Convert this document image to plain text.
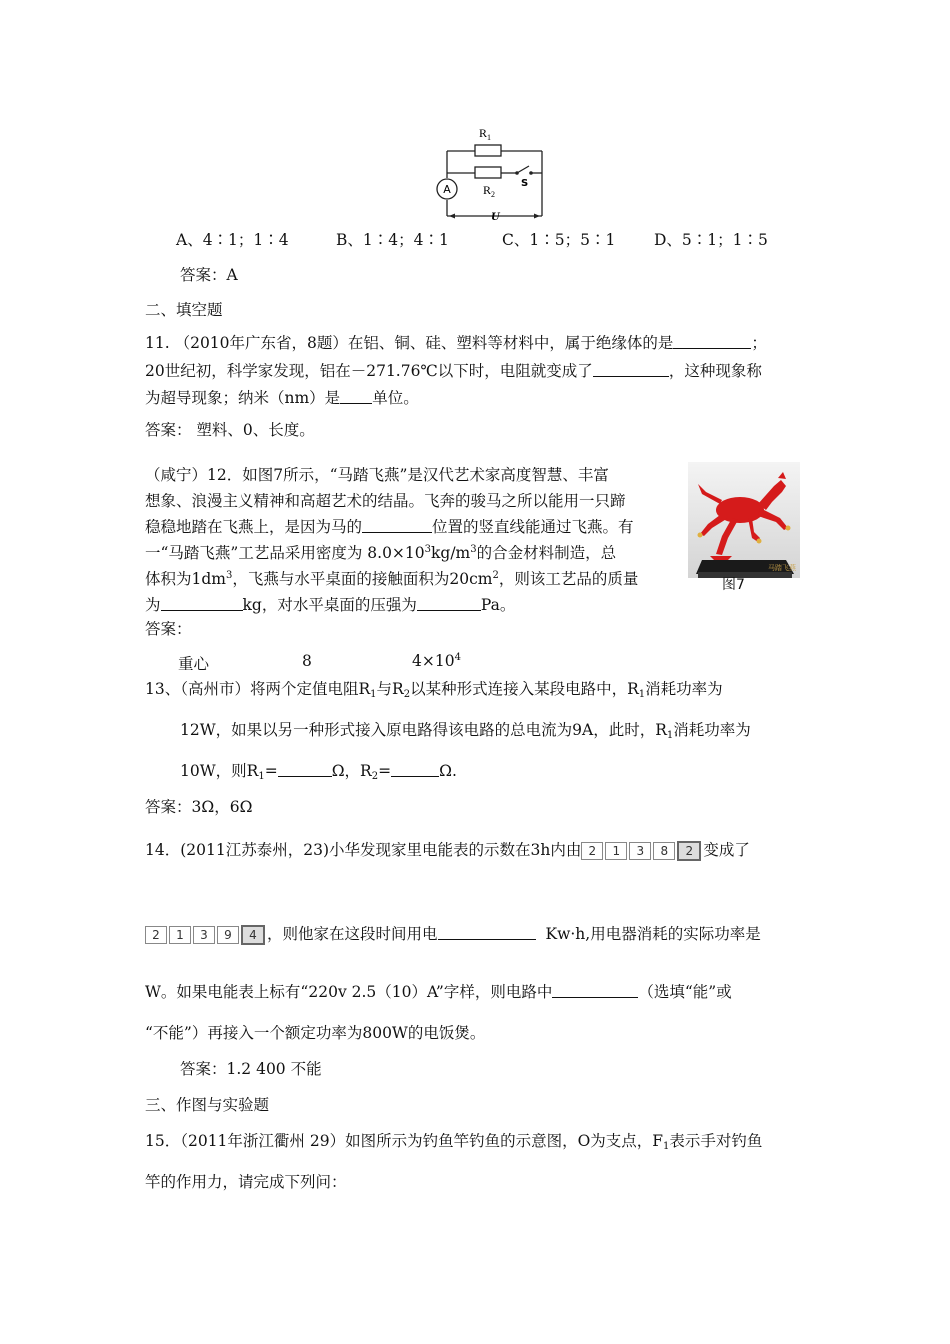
A
$R_1$
$R_2$
S
U
A、4∶1；1∶4	B、1∶4；4∶1	C、1∶5；5∶1 D、5∶1；1∶5
答案：A
二、填空题
11. （2010年广东省，8题）在铝、铜、硅、塑料等材料中，属于绝缘体的是	；
20世纪初，科学家发现，铝在－271.76℃以下时，电阻就变成了	，这种现象称
为超导现象；纳米（nm）是 单位。
答案： 塑料、0、长度。
（咸宁）12．如图7所示，“马踏飞燕”是汉代艺术家高度智慧、丰富
想象、浪漫主义精神和高超艺术的结晶。飞奔的骏马之所以能用一只蹄
稳稳地踏在飞燕上，是因为马的	位置的竖直线能通过飞燕。有
一“马踏飞燕”工艺品采用密度为 $8.0\times 10^3kg/m^3$的合金材料制造，总
体积为$1dm^3$，飞燕与水平桌面的接触面积为$20cm^2$，则该工艺品的质量
为	kg，对水平桌面的压强为	Pa。
答案：
重心	8	$4\times 10^4$
马踏飞燕
图7
13、（高州市）将两个定值电阻$R_1$与$R_2$以某种形式连接入某段电路中，$R_1$消耗功率为
12W，如果以另一种形式接入原电路得该电路的总电流为9A，此时，$R_1$消耗功率为
10W，则$R_1=$	Ω，$R_2=$	Ω.
答案：3Ω，6Ω
14．(2011江苏泰州，23)小华发现家里电能表的示数在3h内由 2 1 3 8 2 变成了
2 1 3 9 4 ，则他家在这段时间用电	Kw·h,用电器消耗的实际功率是
W。如果电能表上标有“220v 2.5（10）A”字样，则电路中	（选填“能”或
“不能”）再接入一个额定功率为800W的电饭煲。
答案：1.2 400 不能
三、作图与实验题
15．（2011年浙江衢州 29）如图所示为钓鱼竿钓鱼的示意图，O为支点，$F_1$表示手对钓鱼
竿的作用力，请完成下列问：
